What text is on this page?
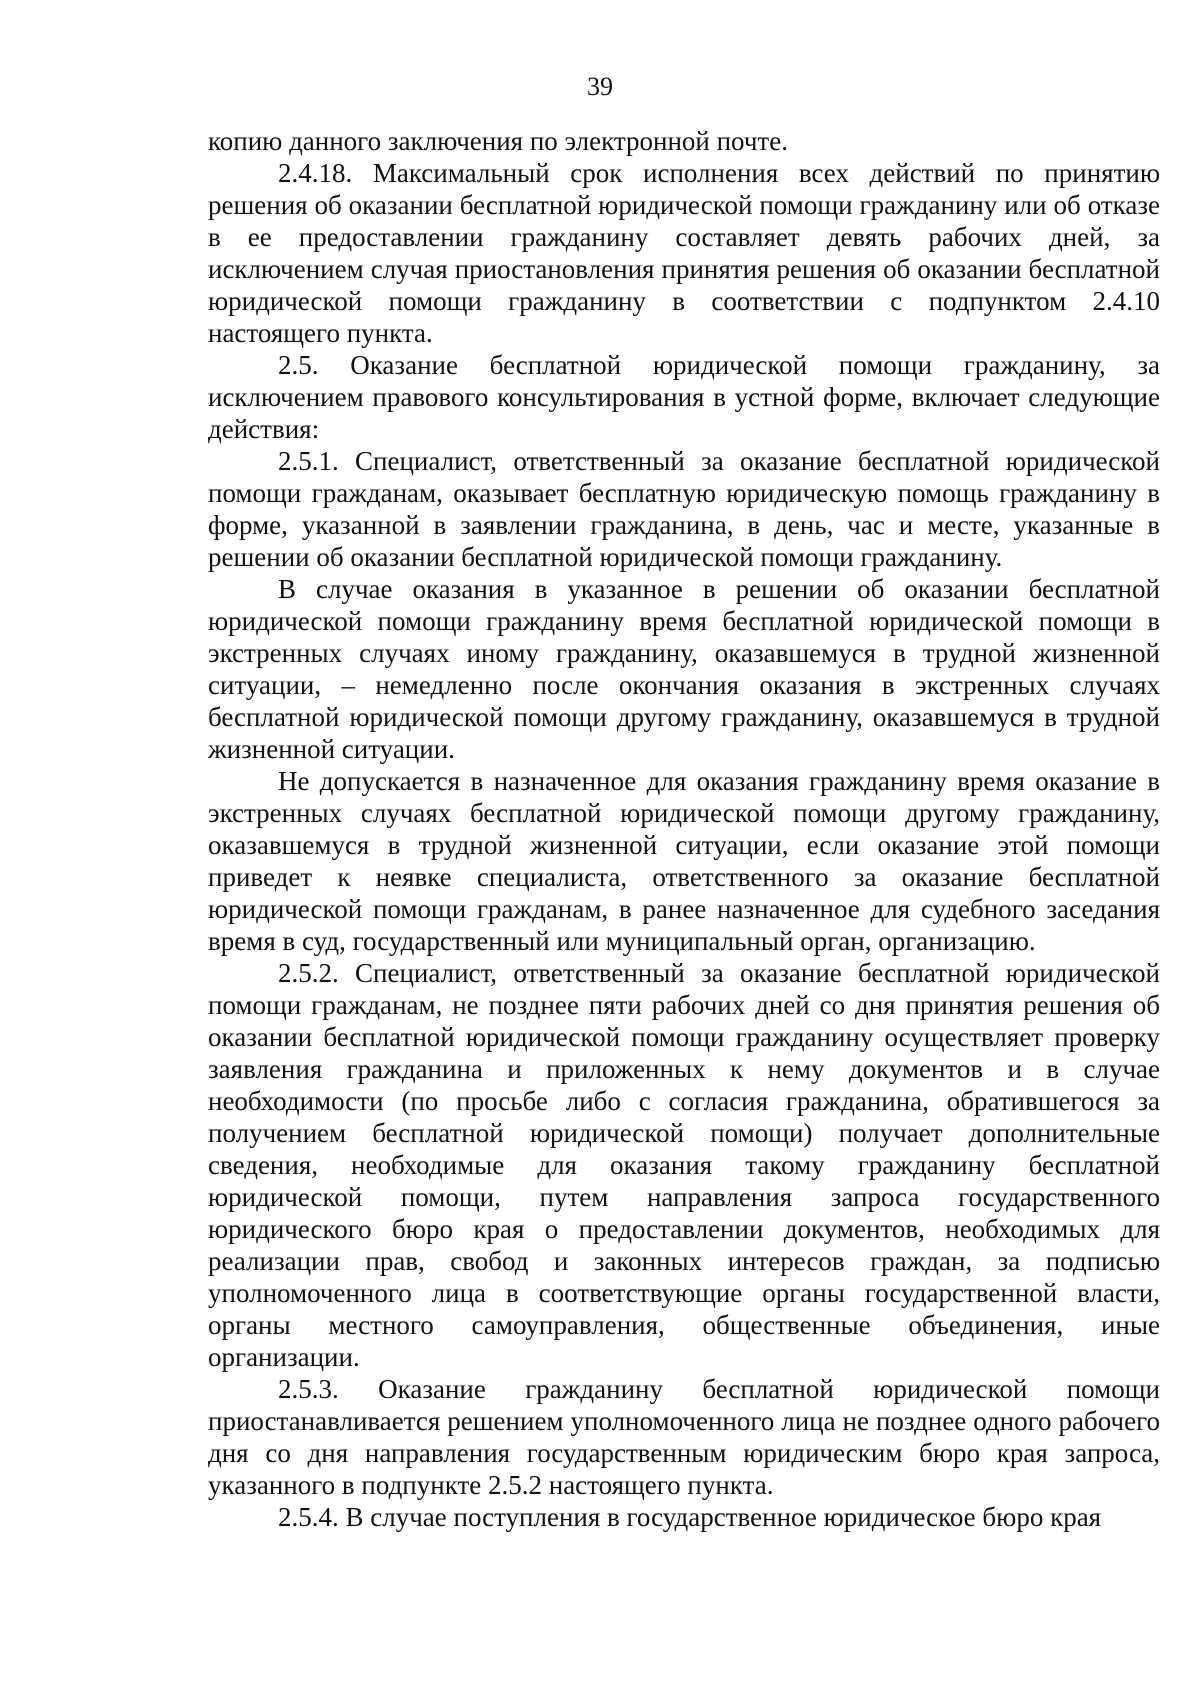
39

копию данного заключения по электронной почте.

2.4.18. Максимальный срок исполнения всех действий по принятию решения об оказании бесплатной юридической помощи гражданину или об отказе в ее предоставлении гражданину составляет девять рабочих дней, за исключением случая приостановления принятия решения об оказании бесплатной юридической помощи гражданину в соответствии с подпунктом 2.4.10 настоящего пункта.

2.5. Оказание бесплатной юридической помощи гражданину, за исключением правового консультирования в устной форме, включает следующие действия:

2.5.1. Специалист, ответственный за оказание бесплатной юридической помощи гражданам, оказывает бесплатную юридическую помощь гражданину в форме, указанной в заявлении гражданина, в день, час и месте, указанные в решении об оказании бесплатной юридической помощи гражданину.

В случае оказания в указанное в решении об оказании бесплатной юридической помощи гражданину время бесплатной юридической помощи в экстренных случаях иному гражданину, оказавшемуся в трудной жизненной ситуации, – немедленно после окончания оказания в экстренных случаях бесплатной юридической помощи другому гражданину, оказавшемуся в трудной жизненной ситуации.

Не допускается в назначенное для оказания гражданину время оказание в экстренных случаях бесплатной юридической помощи другому гражданину, оказавшемуся в трудной жизненной ситуации, если оказание этой помощи приведет к неявке специалиста, ответственного за оказание бесплатной юридической помощи гражданам, в ранее назначенное для судебного заседания время в суд, государственный или муниципальный орган, организацию.

2.5.2. Специалист, ответственный за оказание бесплатной юридической помощи гражданам, не позднее пяти рабочих дней со дня принятия решения об оказании бесплатной юридической помощи гражданину осуществляет проверку заявления гражданина и приложенных к нему документов и в случае необходимости (по просьбе либо с согласия гражданина, обратившегося за получением бесплатной юридической помощи) получает дополнительные сведения, необходимые для оказания такому гражданину бесплатной юридической помощи, путем направления запроса государственного юридического бюро края о предоставлении документов, необходимых для реализации прав, свобод и законных интересов граждан, за подписью уполномоченного лица в соответствующие органы государственной власти, органы местного самоуправления, общественные объединения, иные организации.

2.5.3. Оказание гражданину бесплатной юридической помощи приостанавливается решением уполномоченного лица не позднее одного рабочего дня со дня направления государственным юридическим бюро края запроса, указанного в подпункте 2.5.2 настоящего пункта.

2.5.4. В случае поступления в государственное юридическое бюро края
